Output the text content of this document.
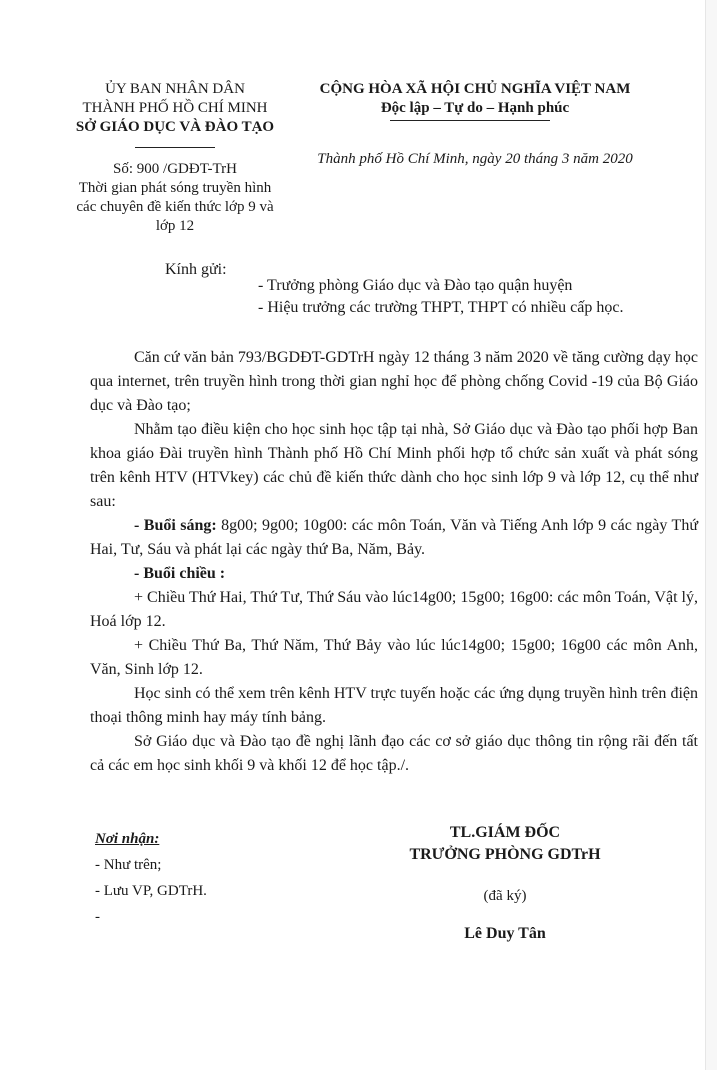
ỦY BAN NHÂN DÂN
THÀNH PHỐ HỒ CHÍ MINH
SỞ GIÁO DỤC VÀ ĐÀO TẠO
Số: 900 /GDĐT-TrH
Thời gian phát sóng truyền hình
các chuyên đề kiến thức lớp 9 và
lớp 12
CỘNG HÒA XÃ HỘI CHỦ NGHĨA VIỆT NAM
Độc lập – Tự do – Hạnh phúc
Thành phố Hồ Chí Minh, ngày 20 tháng 3 năm 2020
Kính gửi:
- Trưởng phòng Giáo dục và Đào tạo quận huyện
- Hiệu trưởng các trường THPT, THPT có nhiều cấp học.

Căn cứ văn bản 793/BGDĐT-GDTrH ngày 12 tháng 3 năm 2020 về tăng cường dạy học qua internet, trên truyền hình trong thời gian nghỉ học để phòng chống Covid -19 của Bộ Giáo dục và Đào tạo;

Nhằm tạo điều kiện cho học sinh học tập tại nhà, Sở Giáo dục và Đào tạo phối hợp Ban khoa giáo Đài truyền hình Thành phố Hồ Chí Minh phối hợp tổ chức sản xuất và phát sóng trên kênh HTV (HTVkey) các chủ đề kiến thức dành cho học sinh lớp 9 và lớp 12, cụ thể như sau:

- Buổi sáng: 8g00; 9g00; 10g00: các môn Toán, Văn và Tiếng Anh lớp 9 các ngày Thứ Hai, Tư, Sáu và phát lại các ngày thứ Ba, Năm, Bảy.

- Buổi chiều :

+ Chiều Thứ Hai, Thứ Tư, Thứ Sáu vào lúc14g00; 15g00; 16g00: các môn Toán, Vật lý, Hoá lớp 12.

+ Chiều Thứ Ba, Thứ Năm, Thứ Bảy vào lúc lúc14g00; 15g00; 16g00 các môn Anh, Văn, Sinh lớp 12.

Học sinh có thể xem trên kênh HTV trực tuyến hoặc các ứng dụng truyền hình trên điện thoại thông minh hay máy tính bảng.

Sở Giáo dục và Đào tạo đề nghị lãnh đạo các cơ sở giáo dục thông tin rộng rãi đến tất cả các em học sinh khối 9 và khối 12 để học tập./.

Nơi nhận:
- Như trên;
- Lưu VP, GDTrH.
-
TL.GIÁM ĐỐC
TRƯỞNG PHÒNG GDTrH
(đã ký)
Lê Duy Tân
